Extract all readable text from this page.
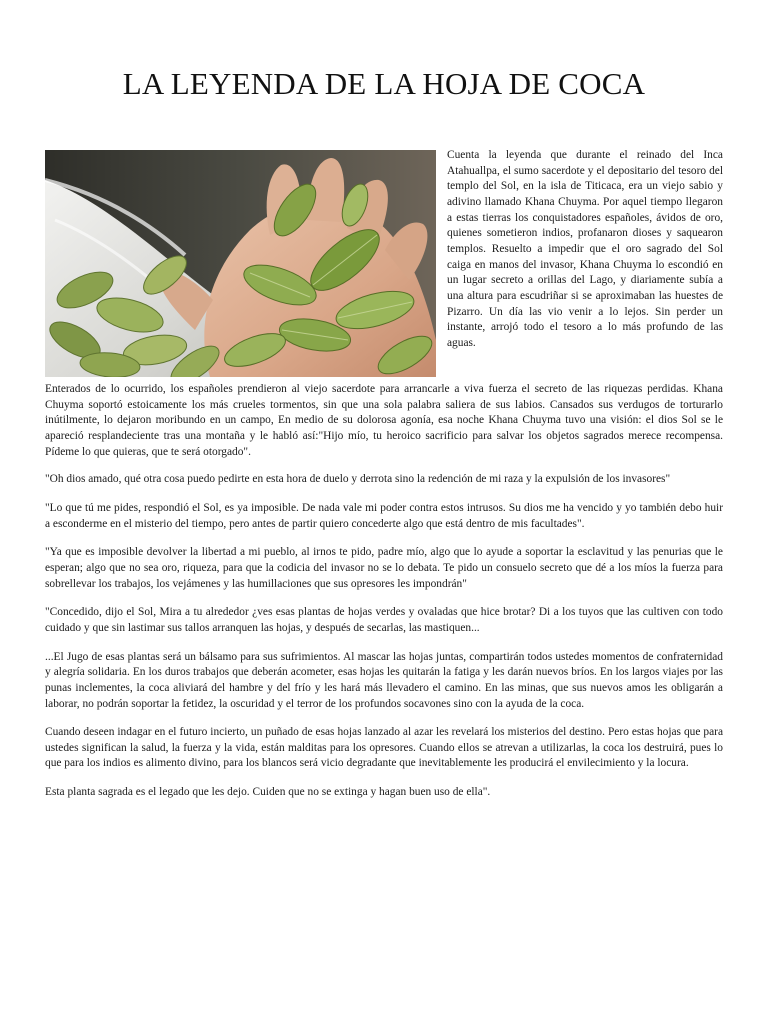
LA LEYENDA DE LA HOJA DE COCA
Cuenta la leyenda que durante el reinado del Inca Atahuallpa, el sumo sacerdote y el depositario del tesoro del templo del Sol, en la isla de Titicaca, era un viejo sabio y adivino llamado Khana Chuyma. Por aquel tiempo llegaron a estas tierras los conquistadores españoles, ávidos de oro, quienes sometieron indios, profanaron dioses y saquearon templos. Resuelto a impedir que el oro sagrado del Sol caiga en manos del invasor, Khana Chuyma lo escondió en un lugar secreto a orillas del Lago, y diariamente subía a una altura para escudriñar si se aproximaban las huestes de Pizarro. Un día las vio venir a lo lejos. Sin perder un instante, arrojó todo el tesoro a lo más profundo de las aguas.

Enterados de lo ocurrido, los españoles prendieron al viejo sacerdote para arrancarle a viva fuerza el secreto de las riquezas perdidas. Khana Chuyma soportó estoicamente los más crueles tormentos, sin que una sola palabra saliera de sus labios. Cansados sus verdugos de torturarlo inútilmente, lo dejaron moribundo en un campo, En medio de su dolorosa agonía, esa noche Khana Chuyma tuvo una visión: el dios Sol se le apareció resplandeciente tras una montaña y le habló así:"Hijo mío, tu heroico sacrificio para salvar los objetos sagrados merece recompensa. Pídeme lo que quieras, que te será otorgado".

"Oh dios amado, qué otra cosa puedo pedirte en esta hora de duelo y derrota sino la redención de mi raza y la expulsión de los invasores"

"Lo que tú me pides, respondió el Sol, es ya imposible. De nada vale mi poder contra estos intrusos. Su dios me ha vencido y yo también debo huir a esconderme en el misterio del tiempo, pero antes de partir quiero concederte algo que está dentro de mis facultades".

"Ya que es imposible devolver la libertad a mi pueblo, al irnos te pido, padre mío, algo que lo ayude a soportar la esclavitud y las penurias que le esperan; algo que no sea oro, riqueza, para que la codicia del invasor no se lo debata. Te pido un consuelo secreto que dé a los míos la fuerza para sobrellevar los trabajos, los vejámenes y las humillaciones que sus opresores les impondrán"

"Concedido, dijo el Sol, Mira a tu alrededor ¿ves esas plantas de hojas verdes y ovaladas que hice brotar? Di a los tuyos que las cultiven con todo cuidado y que sin lastimar sus tallos arranquen las hojas, y después de secarlas, las mastiquen...

...El Jugo de esas plantas será un bálsamo para sus sufrimientos. Al mascar las hojas juntas, compartirán todos ustedes momentos de confraternidad y alegría solidaria. En los duros trabajos que deberán acometer, esas hojas les quitarán la fatiga y les darán nuevos bríos. En los largos viajes por las punas inclementes, la coca aliviará del hambre y del frío y les hará más llevadero el camino. En las minas, que sus nuevos amos les obligarán a laborar, no podrán soportar la fetidez, la oscuridad y el terror de los profundos socavones sino con la ayuda de la coca.

Cuando deseen indagar en el futuro incierto, un puñado de esas hojas lanzado al azar les revelará los misterios del destino. Pero estas hojas que para ustedes significan la salud, la fuerza y la vida, están malditas para los opresores. Cuando ellos se atrevan a utilizarlas, la coca los destruirá, pues lo que para los indios es alimento divino, para los blancos será vicio degradante que inevitablemente les producirá el envilecimiento y la locura.

Esta planta sagrada es el legado que les dejo. Cuiden que no se extinga y hagan buen uso de ella".
